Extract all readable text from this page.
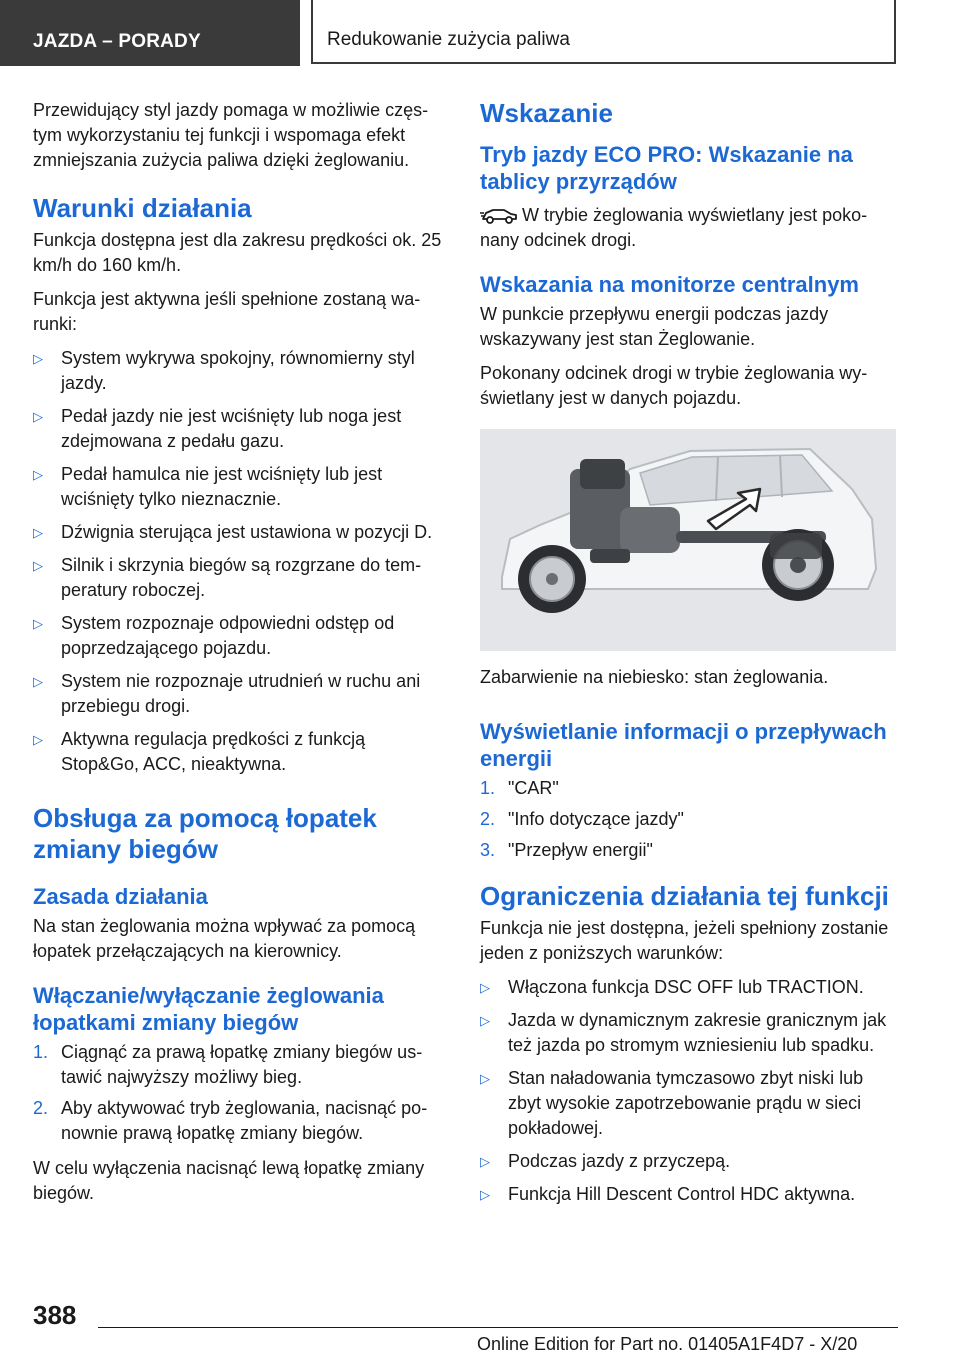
JAZDA – PORADY	Redukowanie zużycia paliwa

Przewidujący styl jazdy pomaga w możliwie częstym wykorzystaniu tej funkcji i wspomaga efekt zmniejszania zużycia paliwa dzięki żeglowaniu.

Warunki działania

Funkcja dostępna jest dla zakresu prędkości ok. 25 km/h do 160 km/h.

Funkcja jest aktywna jeśli spełnione zostaną warunki:

▷ System wykrywa spokojny, równomierny styl jazdy.
▷ Pedał jazdy nie jest wciśnięty lub noga jest zdejmowana z pedału gazu.
▷ Pedał hamulca nie jest wciśnięty lub jest wciśnięty tylko nieznacznie.
▷ Dźwignia sterująca jest ustawiona w pozycji D.
▷ Silnik i skrzynia biegów są rozgrzane do temperatury roboczej.
▷ System rozpoznaje odpowiedni odstęp od poprzedzającego pojazdu.
▷ System nie rozpoznaje utrudnień w ruchu ani przebiegu drogi.
▷ Aktywna regulacja prędkości z funkcją Stop&Go, ACC, nieaktywna.
Obsługa za pomocą łopatek zmiany biegów
Zasada działania

Na stan żeglowania można wpływać za pomocą łopatek przełączających na kierownicy.

Włączanie/wyłączanie żeglowania łopatkami zmiany biegów
1. Ciągnąć za prawą łopatkę zmiany biegów ustawić najwyższy możliwy bieg.
2. Aby aktywować tryb żeglowania, nacisnąć ponownie prawą łopatkę zmiany biegów.

W celu wyłączenia nacisnąć lewą łopatkę zmiany biegów.

Wskazanie
Tryb jazdy ECO PRO: Wskazanie na tablicy przyrządów

W trybie żeglowania wyświetlany jest pokonany odcinek drogi.

Wskazania na monitorze centralnym

W punkcie przepływu energii podczas jazdy wskazywany jest stan Żeglowanie.

Pokonany odcinek drogi w trybie żeglowania wyświetlany jest w danych pojazdu.

Zabarwienie na niebiesko: stan żeglowania.

Wyświetlanie informacji o przepływach energii
1. "CAR"
2. "Info dotyczące jazdy"
3. "Przepływ energii"
Ograniczenia działania tej funkcji

Funkcja nie jest dostępna, jeżeli spełniony zostanie jeden z poniższych warunków:

▷ Włączona funkcja DSC OFF lub TRACTION.
▷ Jazda w dynamicznym zakresie granicznym jak też jazda po stromym wzniesieniu lub spadku.
▷ Stan naładowania tymczasowo zbyt niski lub zbyt wysokie zapotrzebowanie prądu w sieci pokładowej.
▷ Podczas jazdy z przyczepą.
▷ Funkcja Hill Descent Control HDC aktywna.
388
Online Edition for Part no. 01405A1F4D7 - X/20
